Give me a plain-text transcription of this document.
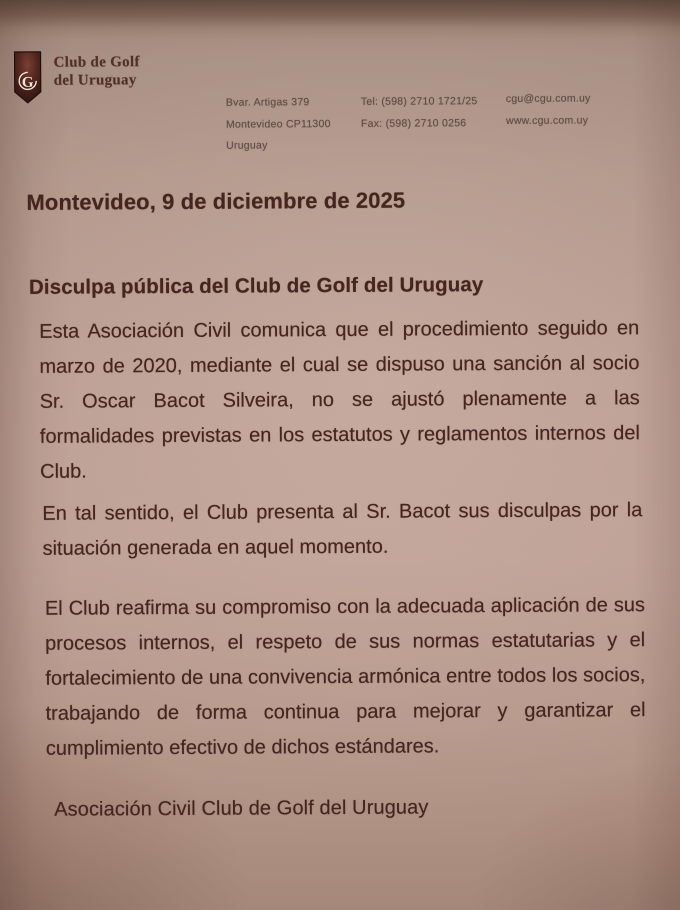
G
Club de Golf
del Uruguay
Bvar. Artigas 379
Montevideo CP11300
Uruguay
Tel: (598) 2710 1721/25
Fax: (598) 2710 0256
cgu@cgu.com.uy
www.cgu.com.uy

Montevideo, 9 de diciembre de 2025

Disculpa pública del Club de Golf del Uruguay

Esta Asociación Civil comunica que el procedimiento seguido en marzo de 2020, mediante el cual se dispuso una sanción al socio Sr. Oscar Bacot Silveira, no se ajustó plenamente a las formalidades previstas en los estatutos y reglamentos internos del Club.

En tal sentido, el Club presenta al Sr. Bacot sus disculpas por la situación generada en aquel momento.

El Club reafirma su compromiso con la adecuada aplicación de sus procesos internos, el respeto de sus normas estatutarias y el fortalecimiento de una convivencia armónica entre todos los socios, trabajando de forma continua para mejorar y garantizar el cumplimiento efectivo de dichos estándares.

Asociación Civil Club de Golf del Uruguay
